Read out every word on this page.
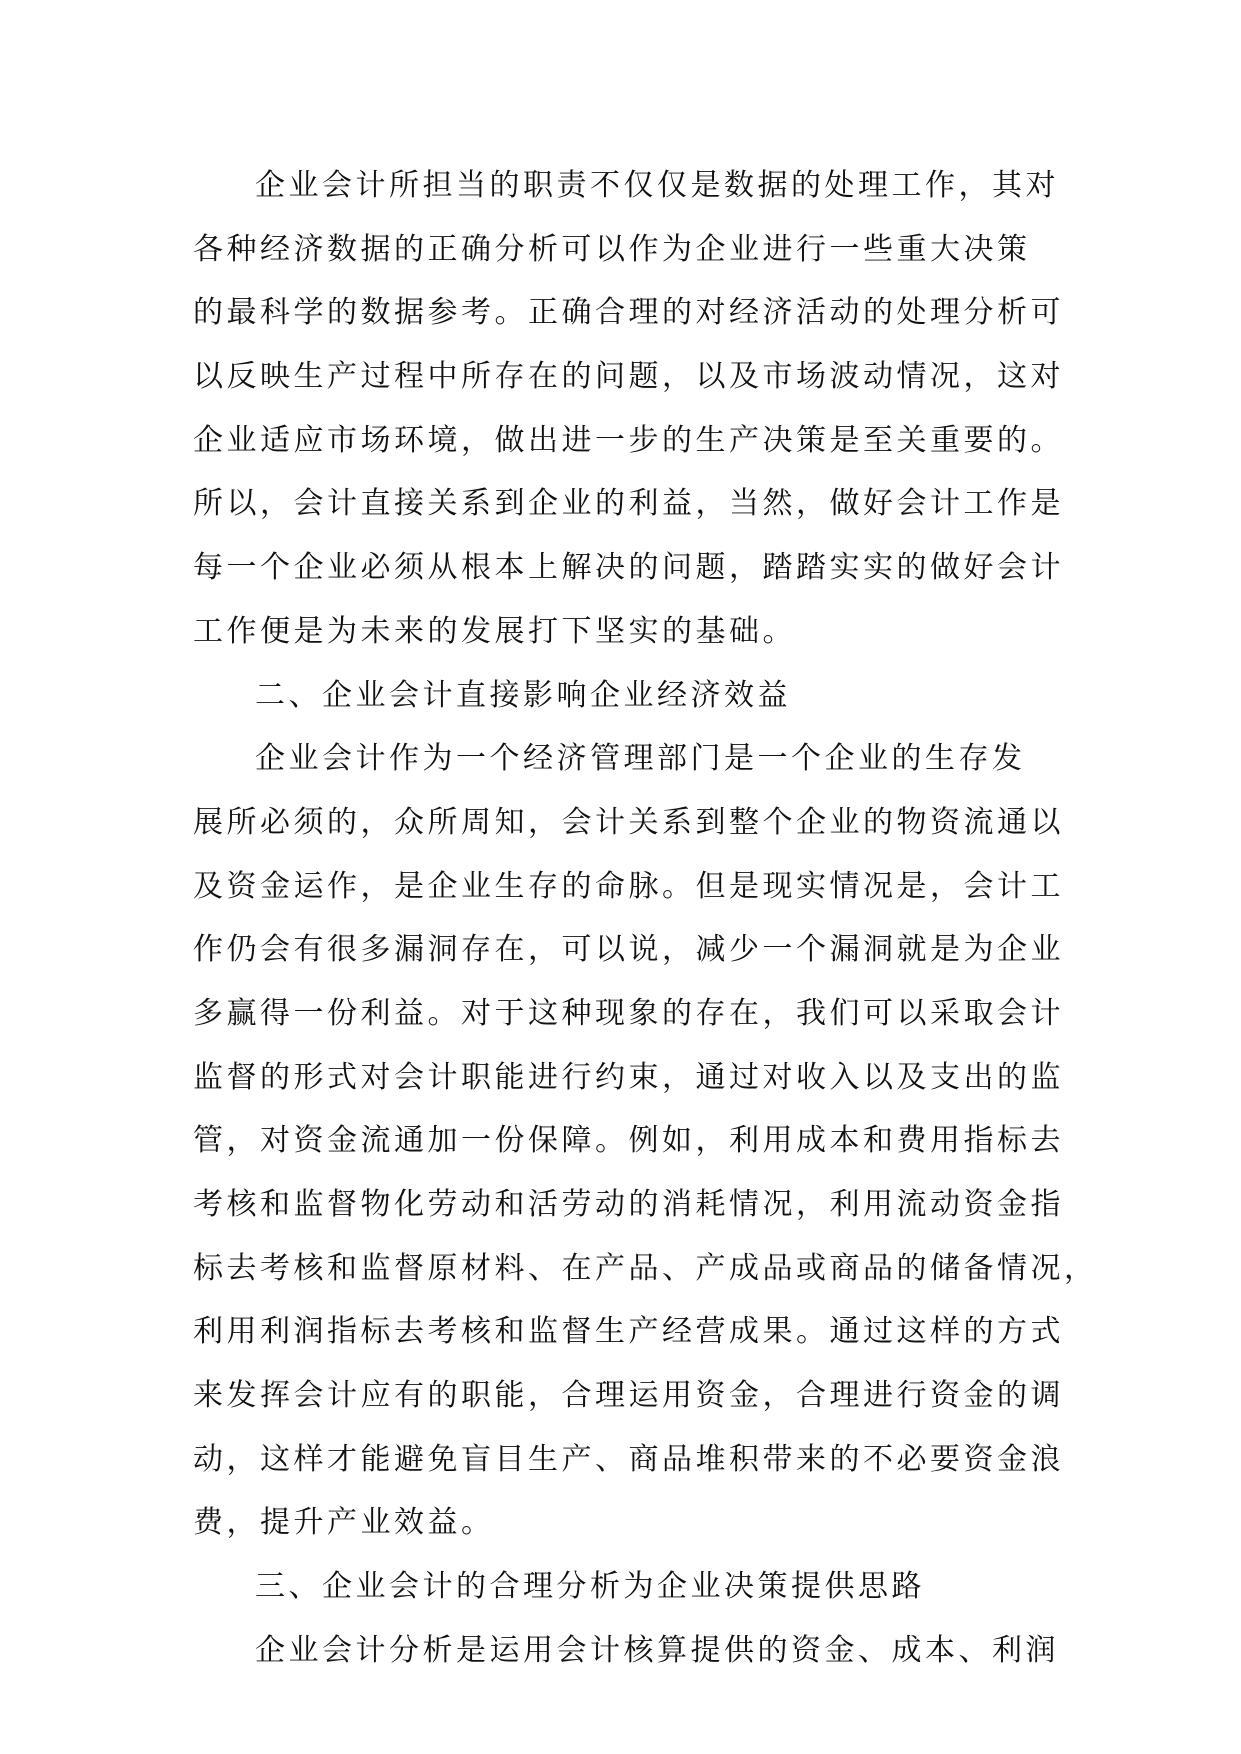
企业会计所担当的职责不仅仅是数据的处理工作，其对
各种经济数据的正确分析可以作为企业进行一些重大决策
的最科学的数据参考。正确合理的对经济活动的处理分析可
以反映生产过程中所存在的问题，以及市场波动情况，这对
企业适应市场环境，做出进一步的生产决策是至关重要的。
所以，会计直接关系到企业的利益，当然，做好会计工作是
每一个企业必须从根本上解决的问题，踏踏实实的做好会计
工作便是为未来的发展打下坚实的基础。
二、企业会计直接影响企业经济效益
企业会计作为一个经济管理部门是一个企业的生存发
展所必须的，众所周知，会计关系到整个企业的物资流通以
及资金运作，是企业生存的命脉。但是现实情况是，会计工
作仍会有很多漏洞存在，可以说，减少一个漏洞就是为企业
多赢得一份利益。对于这种现象的存在，我们可以采取会计
监督的形式对会计职能进行约束，通过对收入以及支出的监
管，对资金流通加一份保障。例如，利用成本和费用指标去
考核和监督物化劳动和活劳动的消耗情况，利用流动资金指
标去考核和监督原材料、在产品、产成品或商品的储备情况，
利用利润指标去考核和监督生产经营成果。通过这样的方式
来发挥会计应有的职能，合理运用资金，合理进行资金的调
动，这样才能避免盲目生产、商品堆积带来的不必要资金浪
费，提升产业效益。
三、企业会计的合理分析为企业决策提供思路
企业会计分析是运用会计核算提供的资金、成本、利润
